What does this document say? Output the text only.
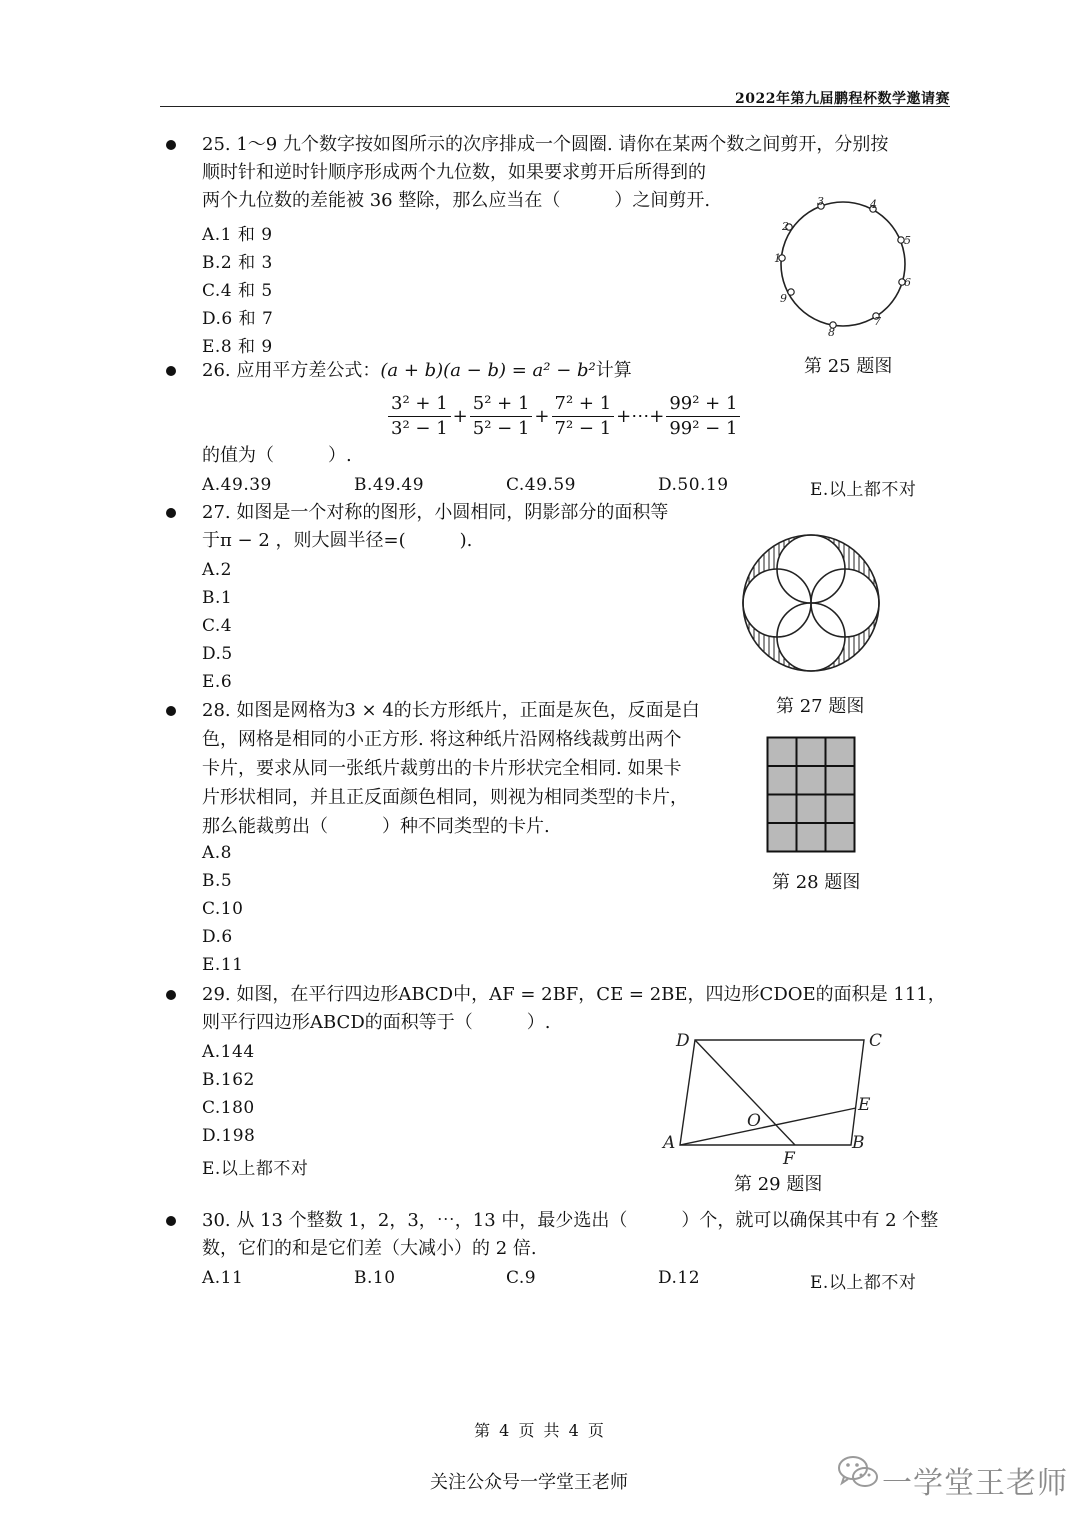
2022年第九届鹏程杯数学邀请赛
25. 1～9 九个数字按如图所示的次序排成一个圆圈. 请你在某两个数之间剪开，分别按
顺时针和逆时针顺序形成两个九位数，如果要求剪开后所得到的
两个九位数的差能被 36 整除，那么应当在（　　　）之间剪开.
A.1 和 9
B.2 和 3
C.4 和 5
D.6 和 7
E.8 和 9
1
2
3	4
5
6
7
8
9
第 25 题图
26. 应用平方差公式：(a + b)(a − b) = a² − b²计算
$\frac{\text{3² + 1}}{\text{3² − 1}} + \frac{\text{5² + 1}}{\text{5² − 1}} + \frac{\text{7² + 1}}{\text{7² − 1}}$ +⋯+ $\frac{\text{99² + 1}}{\text{99² − 1}}$
的值为（　　　）.
A.49.39	B.49.49	C.49.59	D.50.19	E.以上都不对
27. 如图是一个对称的图形，小圆相同，阴影部分的面积等
于π − 2 ，则大圆半径=(　　　).
A.2
B.1
C.4
D.5
E.6
第 27 题图
28. 如图是网格为3 × 4的长方形纸片，正面是灰色，反面是白
色，网格是相同的小正方形. 将这种纸片沿网格线裁剪出两个
卡片，要求从同一张纸片裁剪出的卡片形状完全相同. 如果卡
片形状相同，并且正反面颜色相同，则视为相同类型的卡片，
那么能裁剪出（　　　）种不同类型的卡片.
A.8
B.5
C.10
D.6
E.11
第 28 题图
29. 如图，在平行四边形ABCD中，AF = 2BF，CE = 2BE，四边形CDOE的面积是 111，
则平行四边形ABCD的面积等于（　　　）.
A.144
B.162
C.180
D.198
E.以上都不对
D	C
E
O
A
F
B
第 29 题图
30. 从 13 个整数 1，2，3，⋯，13 中，最少选出（　　　）个，就可以确保其中有 2 个整
数，它们的和是它们差（大减小）的 2 倍.
A.11	B.10	C.9	D.12	E.以上都不对
第 4 页 共 4 页
关注公众号一学堂王老师	一学堂王老师
